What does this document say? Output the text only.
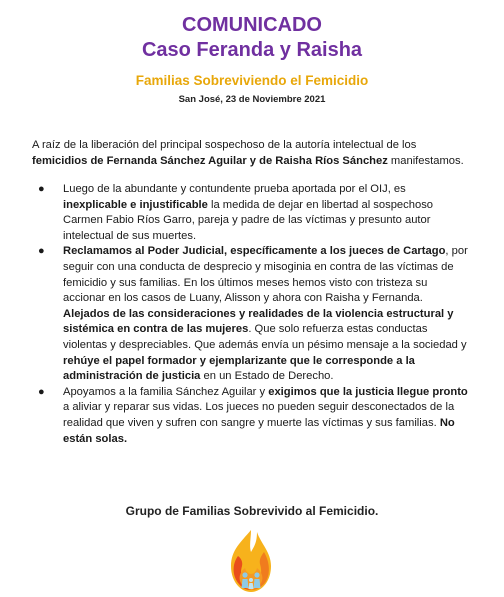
COMUNICADO
Caso Feranda y Raisha
Familias Sobreviviendo el Femicidio
San José, 23 de Noviembre 2021
A raíz de la liberación del principal sospechoso de la autoría intelectual de los femicidios de Fernanda Sánchez Aguilar y de Raisha Ríos Sánchez manifestamos.
● Luego de la abundante y contundente prueba aportada por el OIJ, es inexplicable e injustificable la medida de dejar en libertad al sospechoso Carmen Fabio Ríos Garro, pareja y padre de las víctimas y presunto autor intelectual de sus muertes.
● Reclamamos al Poder Judicial, específicamente a los jueces de Cartago, por seguir con una conducta de desprecio y misoginia en contra de las víctimas de femicidio y sus familias. En los últimos meses hemos visto con tristeza su accionar en los casos de Luany, Alisson y ahora con Raisha y Fernanda. Alejados de las consideraciones y realidades de la violencia estructural y sistémica en contra de las mujeres. Que solo refuerza estas conductas violentas y despreciables. Que además envía un pésimo mensaje a la sociedad y rehúye el papel formador y ejemplarizante que le corresponde a la administración de justicia en un Estado de Derecho.
● Apoyamos a la familia Sánchez Aguilar y exigimos que la justicia llegue pronto a aliviar y reparar sus vidas. Los jueces no pueden seguir desconectados de la realidad que viven y sufren con sangre y muerte las víctimas y sus familias. No están solas.
Grupo de Familias Sobrevivido al Femicidio.
